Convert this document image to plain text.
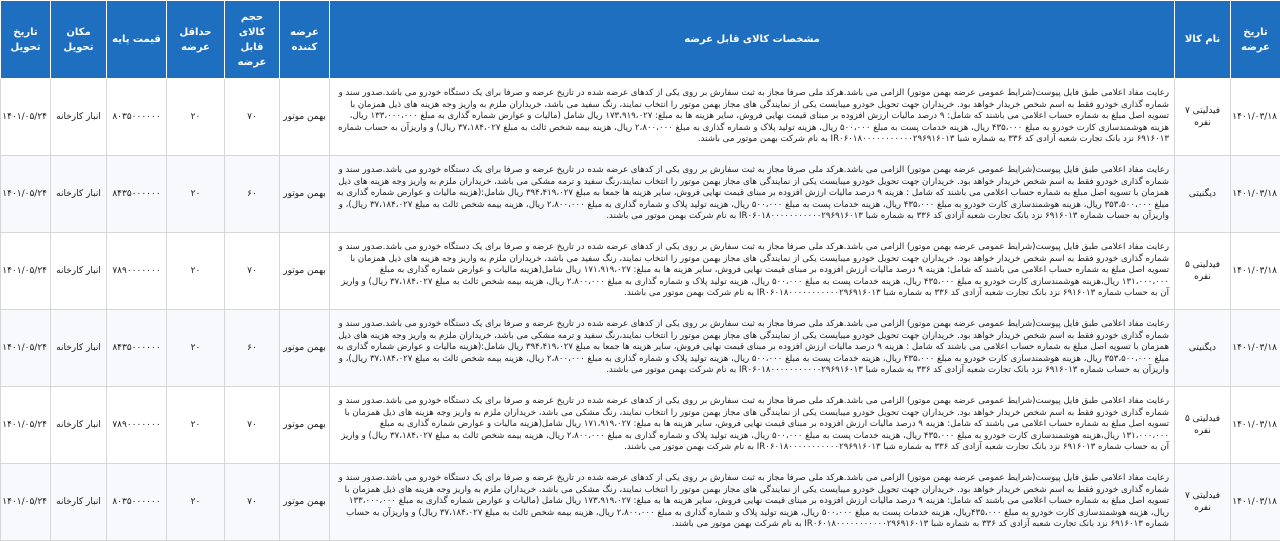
تاریخ عرضه	نام کالا	مشخصات کالای قابل عرضه	عرضه کننده	حجم کالای قابل عرضه	حداقل عرضه	قیمت پایه	مکان تحویل	تاریخ تحویل
۱۴۰۱/۰۳/۱۸	فیدلیتی ۷ نفره	رعایت مفاد اعلامی طبق فایل پیوست(شرایط عمومی عرضه بهمن موتور) الزامی می باشد.هرکد ملی صرفا مجاز به ثبت سفارش بر روی یکی از کدهای عرضه شده در تاریخ عرضه و صرفا برای یک دستگاه خودرو می باشد.صدور سند و شماره گذاری خودرو فقط به اسم شخص خریدار خواهد بود. خریداران جهت تحویل خودرو میبایست یکی از نمایندگی های مجاز بهمن موتور را انتخاب نمایند، رنگ سفید می باشد، خریداران ملزم به واریز وجه هزینه های ذیل همزمان با تسویه اصل مبلغ به شماره حساب اعلامی می باشند که شامل: ۹ درصد مالیات ارزش افزوده بر مبنای قیمت نهایی فروش، سایر هزینه ها به مبلغ: ۱۷۳،۹۱۹،۰۲۷ ریال شامل (مالیات و عوارض شماره گذاری به مبلغ ۱۳۳،۰۰۰،۰۰۰ ریال، هزینه هوشمندسازی کارت خودرو به مبلغ ۴۳۵،۰۰۰ ریال، هزینه خدمات پست به مبلغ ۵۰۰،۰۰۰ ریال، هزینه تولید پلاک و شماره گذاری به مبلغ ۲،۸۰۰،۰۰۰ ریال، هزینه بیمه شخص ثالث به مبلغ ۳۷،۱۸۴،۰۲۷ ریال) و واریزآن به حساب شماره ۶۹۱۶۰۱۳ نزد بانک تجارت شعبه آزادی کد ۳۳۶ به شماره شبا IR۰۶۰۱۸۰۰۰۰۰۰۰۰۰۰۰۲۹۶۹۱۶۰۱۳ به نام شرکت بهمن موتور می باشند.	بهمن موتور	۷۰	۲۰	۸۰۳۵۰۰۰۰۰۰	انبار کارخانه	۱۴۰۱/۰۵/۲۴
۱۴۰۱/۰۳/۱۸	دیگنیتی	رعایت مفاد اعلامی طبق فایل پیوست(شرایط عمومی عرضه بهمن موتور) الزامی می باشد.هرکد ملی صرفا مجاز به ثبت سفارش بر روی یکی از کدهای عرضه شده در تاریخ عرضه و صرفا برای یک دستگاه خودرو می باشد.صدور سند و شماره گذاری خودرو فقط به اسم شخص خریدار خواهد بود. خریداران جهت تحویل خودرو میبایست یکی از نمایندگی های مجاز بهمن موتور را انتخاب نمایند،رنگ سفید و ترمه مشکی می باشد، خریداران ملزم به واریز وجه هزینه های ذیل همزمان با تسویه اصل مبلغ به شماره حساب اعلامی می باشند که شامل : هزینه ۹ درصد مالیات ارزش افزوده بر مبنای قیمت نهایی فروش، سایر هزینه ها جمعا به مبلغ ۳۹۴،۴۱۹،۰۲۷ ریال شامل:(هزینه مالیات و عوارض شماره گذاری به مبلغ ۳۵۳،۵۰۰،۰۰۰ ریال، هزینه هوشمندسازی کارت خودرو به مبلغ ۴۳۵،۰۰۰ ریال، هزینه خدمات پست به مبلغ ۵۰۰،۰۰۰ ریال، هزینه تولید پلاک و شماره گذاری به مبلغ ۲،۸۰۰،۰۰۰ ریال، هزینه بیمه شخص ثالث به مبلغ ۳۷،۱۸۴،۰۲۷ ریال)، و واریزآن به حساب شماره ۶۹۱۶۰۱۳ نزد بانک تجارت شعبه آزادی کد ۳۳۶ به شماره شبا IR۰۶۰۱۸۰۰۰۰۰۰۰۰۰۰۰۲۹۶۹۱۶۰۱۳ به نام شرکت بهمن موتور می باشند.	بهمن موتور	۶۰	۲۰	۸۴۳۵۰۰۰۰۰۰	انبار کارخانه	۱۴۰۱/۰۵/۲۴
۱۴۰۱/۰۳/۱۸	فیدلیتی ۵ نفره	رعایت مفاد اعلامی طبق فایل پیوست(شرایط عمومی عرضه بهمن موتور) الزامی می باشد.هرکد ملی صرفا مجاز به ثبت سفارش بر روی یکی از کدهای عرضه شده در تاریخ عرضه و صرفا برای یک دستگاه خودرو می باشد.صدور سند و شماره گذاری خودرو فقط به اسم شخص خریدار خواهد بود. خریداران جهت تحویل خودرو میبایست یکی از نمایندگی های مجاز بهمن موتور را انتخاب نمایند، رنگ سفید می باشد، خریداران ملزم به واریز وجه هزینه های ذیل همزمان با تسویه اصل مبلغ به شماره حساب اعلامی می باشند که شامل: هزینه ۹ درصد مالیات ارزش افزوده بر مبنای قیمت نهایی فروش، سایر هزینه ها به مبلغ: ۱۷۱،۹۱۹،۰۲۷ ریال شامل(هزینه مالیات و عوارض شماره گذاری به مبلغ ۱۳۱،۰۰۰،۰۰۰ ریال،هزینه هوشمندسازی کارت خودرو به مبلغ ۴۳۵،۰۰۰ ریال، هزینه خدمات پست به مبلغ ۵۰۰،۰۰۰ ریال، هزینه تولید پلاک و شماره گذاری به مبلغ ۲،۸۰۰،۰۰۰ ریال، هزینه بیمه شخص ثالث به مبلغ ۳۷،۱۸۴،۰۲۷ ریال) و واریز آن به حساب شماره ۶۹۱۶۰۱۳ نزد بانک تجارت شعبه آزادی کد ۳۳۶ به شماره شبا IR۰۶۰۱۸۰۰۰۰۰۰۰۰۰۰۰۲۹۶۹۱۶۰۱۳ به نام شرکت بهمن موتور می باشند.	بهمن موتور	۷۰	۲۰	۷۸۹۰۰۰۰۰۰۰	انبار کارخانه	۱۴۰۱/۰۵/۲۴
۱۴۰۱/۰۳/۱۸	دیگنیتی	رعایت مفاد اعلامی طبق فایل پیوست(شرایط عمومی عرضه بهمن موتور) الزامی می باشد.هرکد ملی صرفا مجاز به ثبت سفارش بر روی یکی از کدهای عرضه شده در تاریخ عرضه و صرفا برای یک دستگاه خودرو می باشد.صدور سند و شماره گذاری خودرو فقط به اسم شخص خریدار خواهد بود. خریداران جهت تحویل خودرو میبایست یکی از نمایندگی های مجاز بهمن موتور را انتخاب نمایند،رنگ سفید و ترمه مشکی می باشد، خریداران ملزم به واریز وجه هزینه های ذیل همزمان با تسویه اصل مبلغ به شماره حساب اعلامی می باشند که شامل : هزینه ۹ درصد مالیات ارزش افزوده بر مبنای قیمت نهایی فروش، سایر هزینه ها جمعا به مبلغ ۳۹۴،۴۱۹،۰۲۷ ریال شامل:(هزینه مالیات و عوارض شماره گذاری به مبلغ ۳۵۳،۵۰۰،۰۰۰ ریال، هزینه هوشمندسازی کارت خودرو به مبلغ ۴۳۵،۰۰۰ ریال، هزینه خدمات پست به مبلغ ۵۰۰،۰۰۰ ریال، هزینه تولید پلاک و شماره گذاری به مبلغ ۲،۸۰۰،۰۰۰ ریال، هزینه بیمه شخص ثالث به مبلغ ۳۷،۱۸۴،۰۲۷ ریال)، و واریزآن به حساب شماره ۶۹۱۶۰۱۳ نزد بانک تجارت شعبه آزادی کد ۳۳۶ به شماره شبا IR۰۶۰۱۸۰۰۰۰۰۰۰۰۰۰۰۲۹۶۹۱۶۰۱۳ به نام شرکت بهمن موتور می باشند.	بهمن موتور	۶۰	۲۰	۸۴۳۵۰۰۰۰۰۰	انبار کارخانه	۱۴۰۱/۰۵/۲۴
۱۴۰۱/۰۳/۱۸	فیدلیتی ۵ نفره	رعایت مفاد اعلامی طبق فایل پیوست(شرایط عمومی عرضه بهمن موتور) الزامی می باشد.هرکد ملی صرفا مجاز به ثبت سفارش بر روی یکی از کدهای عرضه شده در تاریخ عرضه و صرفا برای یک دستگاه خودرو می باشد.صدور سند و شماره گذاری خودرو فقط به اسم شخص خریدار خواهد بود. خریداران جهت تحویل خودرو میبایست یکی از نمایندگی های مجاز بهمن موتور را انتخاب نمایند، رنگ مشکی می باشد، خریداران ملزم به واریز وجه هزینه های ذیل همزمان با تسویه اصل مبلغ به شماره حساب اعلامی می باشند که شامل: هزینه ۹ درصد مالیات ارزش افزوده بر مبنای قیمت نهایی فروش، سایر هزینه ها به مبلغ: ۱۷۱،۹۱۹،۰۲۷ ریال شامل(هزینه مالیات و عوارض شماره گذاری به مبلغ ۱۳۱،۰۰۰،۰۰۰ ریال،هزینه هوشمندسازی کارت خودرو به مبلغ ۴۳۵،۰۰۰ ریال، هزینه خدمات پست به مبلغ ۵۰۰،۰۰۰ ریال، هزینه تولید پلاک و شماره گذاری به مبلغ ۲،۸۰۰،۰۰۰ ریال، هزینه بیمه شخص ثالث به مبلغ ۳۷،۱۸۴،۰۲۷ ریال) و واریز آن به حساب شماره ۶۹۱۶۰۱۳ نزد بانک تجارت شعبه آزادی کد ۳۳۶ به شماره شبا IR۰۶۰۱۸۰۰۰۰۰۰۰۰۰۰۰۲۹۶۹۱۶۰۱۳ به نام شرکت بهمن موتور می باشند.	بهمن موتور	۷۰	۲۰	۷۸۹۰۰۰۰۰۰۰	انبار کارخانه	۱۴۰۱/۰۵/۲۴
۱۴۰۱/۰۳/۱۸	فیدلیتی ۷ نفره	رعایت مفاد اعلامی طبق فایل پیوست(شرایط عمومی عرضه بهمن موتور) الزامی می باشد.هرکد ملی صرفا مجاز به ثبت سفارش بر روی یکی از کدهای عرضه شده در تاریخ عرضه و صرفا برای یک دستگاه خودرو می باشد.صدور سند و شماره گذاری خودرو فقط به اسم شخص خریدار خواهد بود. خریداران جهت تحویل خودرو میبایست یکی از نمایندگی های مجاز بهمن موتور را انتخاب نمایند، رنگ مشکی می باشد، خریداران ملزم به واریز وجه هزینه های ذیل همزمان با تسویه اصل مبلغ به شماره حساب اعلامی می باشند که شامل: هزینه ۹ درصد مالیات ارزش افزوده بر مبنای قیمت نهایی فروش، سایر هزینه ها به مبلغ: ۱۷۳،۹۱۹،۰۲۷ ریال شامل (مالیات و عوارض شماره گذاری به مبلغ ۱۳۳،۰۰۰،۰۰۰ ریال، هزینه هوشمندسازی کارت خودرو به مبلغ ۴۳۵،۰۰۰ریال، هزینه خدمات پست به مبلغ ۵۰۰،۰۰۰ ریال، هزینه تولید پلاک و شماره گذاری به مبلغ ۲،۸۰۰،۰۰۰ ریال، هزینه بیمه شخص ثالث به مبلغ ۳۷،۱۸۴،۰۲۷ ریال) و واریزآن به حساب شماره ۶۹۱۶۰۱۳ نزد بانک تجارت شعبه آزادی کد ۳۳۶ به شماره شبا IR۰۶۰۱۸۰۰۰۰۰۰۰۰۰۰۰۲۹۶۹۱۶۰۱۳ به نام شرکت بهمن موتور می باشند.	بهمن موتور	۷۰	۲۰	۸۰۳۵۰۰۰۰۰۰	انبار کارخانه	۱۴۰۱/۰۵/۲۴
